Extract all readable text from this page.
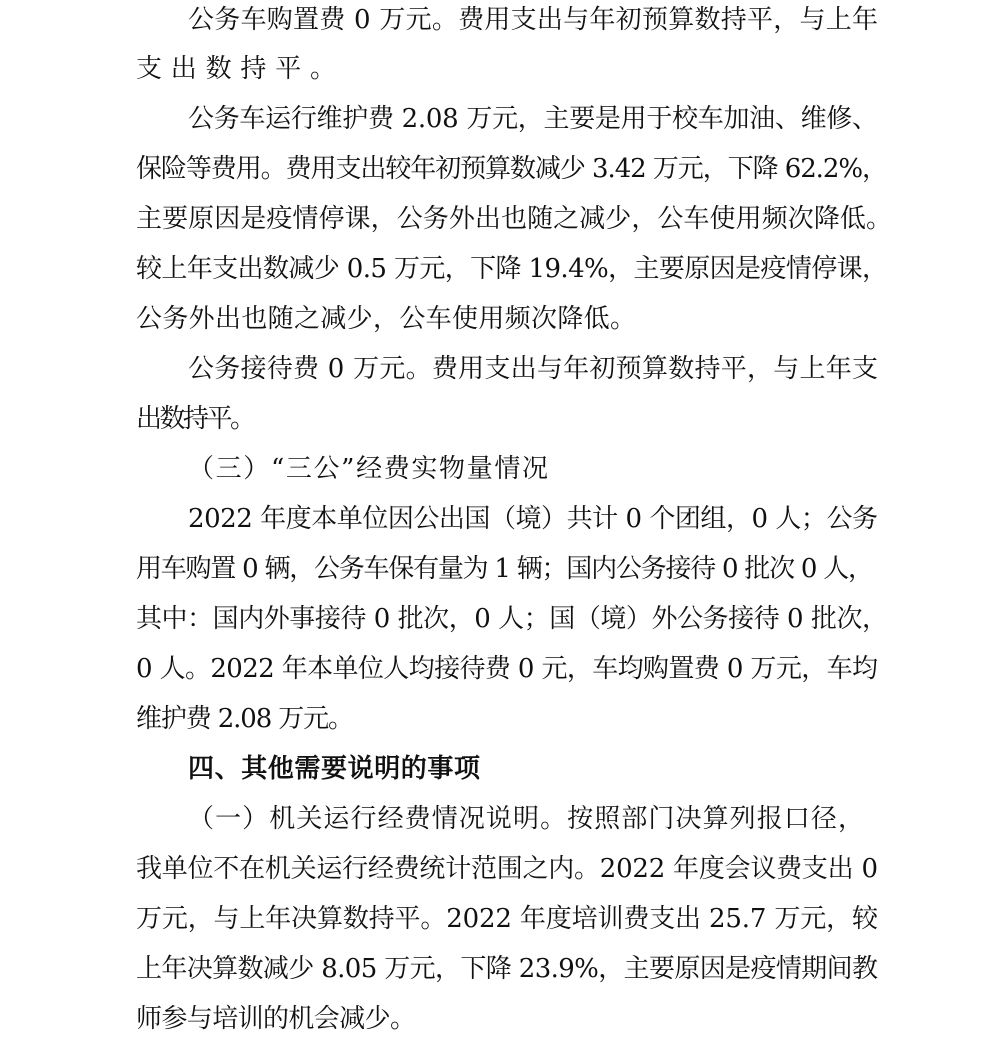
公务车购置费 0 万元。费用支出与年初预算数持平，与上年
支出数持平。
公务车运行维护费 2.08 万元，主要是用于校车加油、维修、
保险等费用。费用支出较年初预算数减少 3.42 万元，下降 62.2%，
主要原因是疫情停课，公务外出也随之减少，公车使用频次降低。
较上年支出数减少 0.5 万元，下降 19.4%，主要原因是疫情停课，
公务外出也随之减少，公车使用频次降低。
公务接待费 0 万元。费用支出与年初预算数持平，与上年支
出数持平。
（三）“三公”经费实物量情况
2022 年度本单位因公出国（境）共计 0 个团组，0 人；公务
用车购置 0 辆，公务车保有量为 1 辆；国内公务接待 0 批次 0 人，
其中：国内外事接待 0 批次，0 人；国（境）外公务接待 0 批次，
0 人。2022 年本单位人均接待费 0 元，车均购置费 0 万元，车均
维护费 2.08 万元。
四、其他需要说明的事项
（一）机关运行经费情况说明。按照部门决算列报口径，
我单位不在机关运行经费统计范围之内。2022 年度会议费支出 0
万元，与上年决算数持平。2022 年度培训费支出 25.7 万元，较
上年决算数减少 8.05 万元，下降 23.9%，主要原因是疫情期间教
师参与培训的机会减少。
